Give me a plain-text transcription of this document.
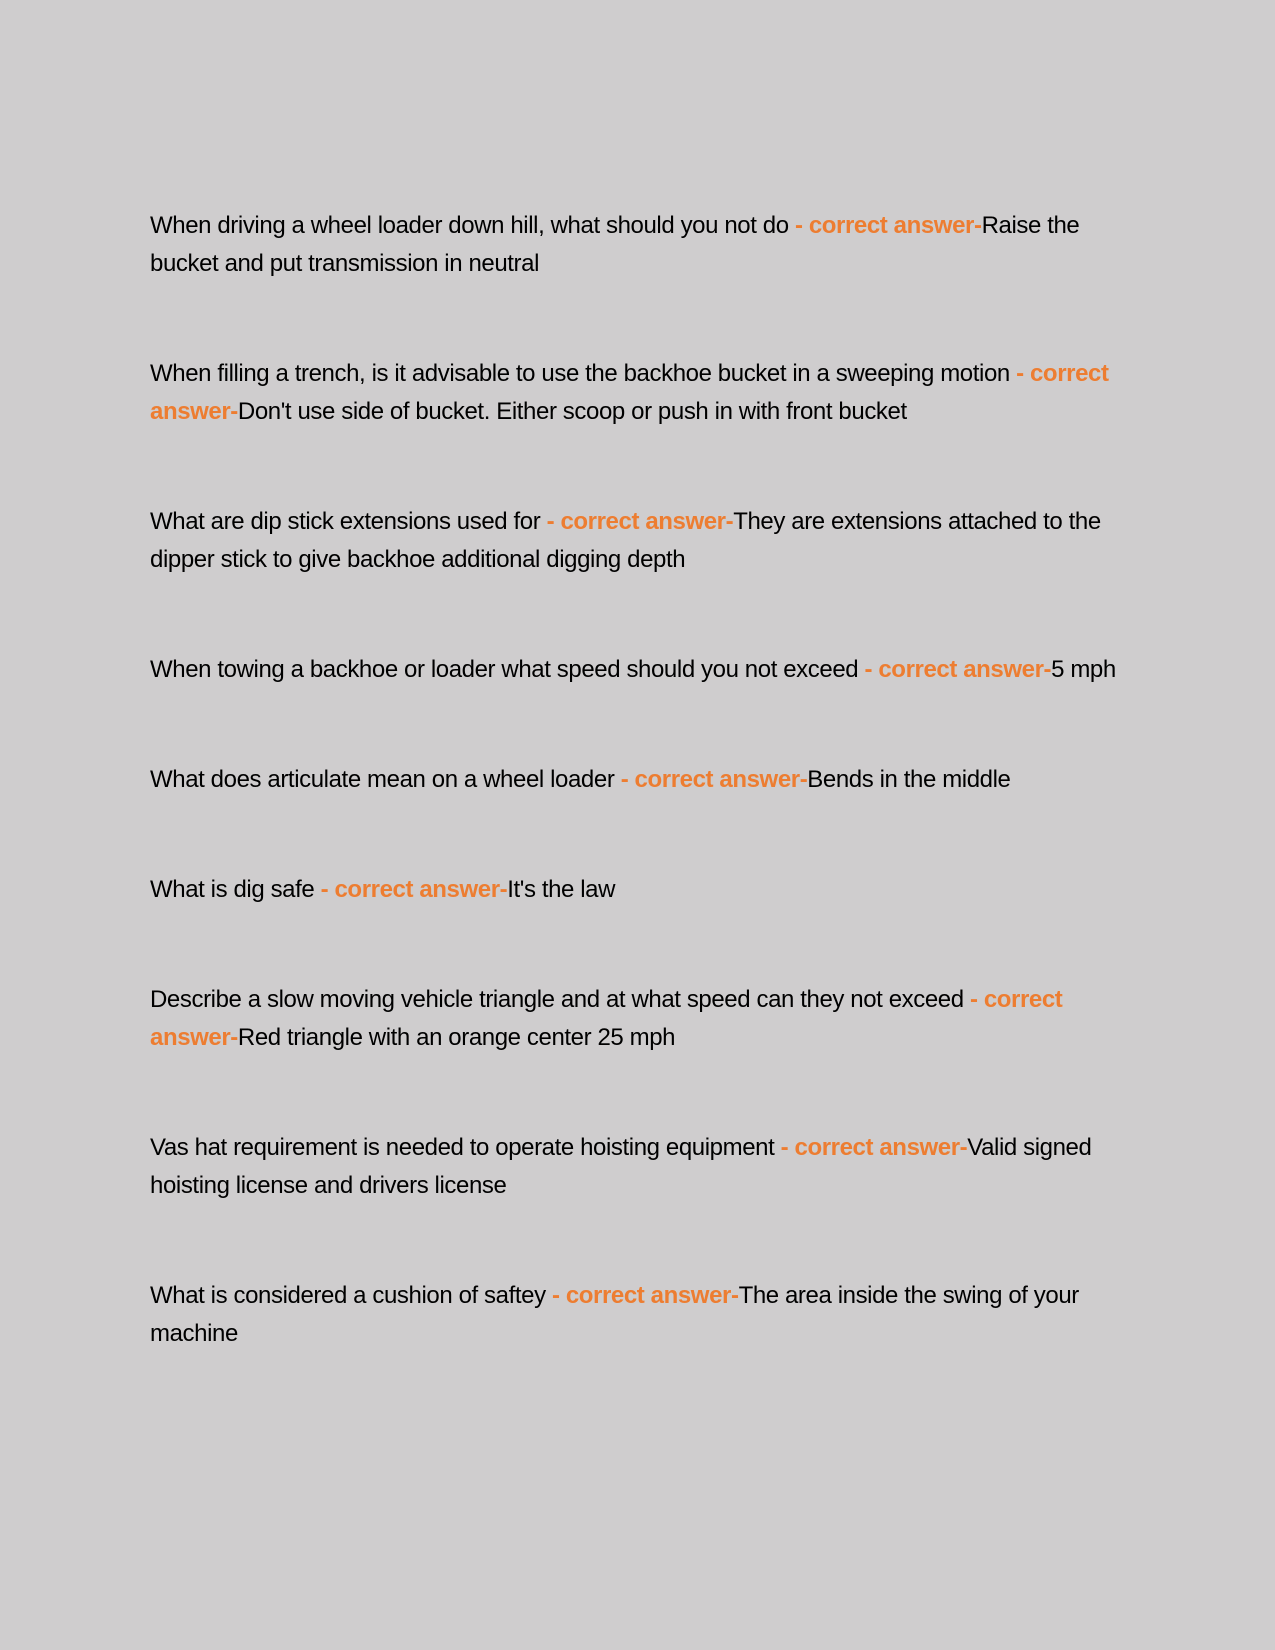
When driving a wheel loader down hill, what should you not do - correct answer-Raise the bucket and put transmission in neutral

When filling a trench, is it advisable to use the backhoe bucket in a sweeping motion - correct answer-Don't use side of bucket. Either scoop or push in with front bucket

What are dip stick extensions used for - correct answer-They are extensions attached to the dipper stick to give backhoe additional digging depth

When towing a backhoe or loader what speed should you not exceed - correct answer-5 mph

What does articulate mean on a wheel loader - correct answer-Bends in the middle

What is dig safe - correct answer-It's the law

Describe a slow moving vehicle triangle and at what speed can they not exceed - correct answer-Red triangle with an orange center 25 mph

Vas hat requirement is needed to operate hoisting equipment - correct answer-Valid signed hoisting license and drivers license

What is considered a cushion of saftey - correct answer-The area inside the swing of your machine
